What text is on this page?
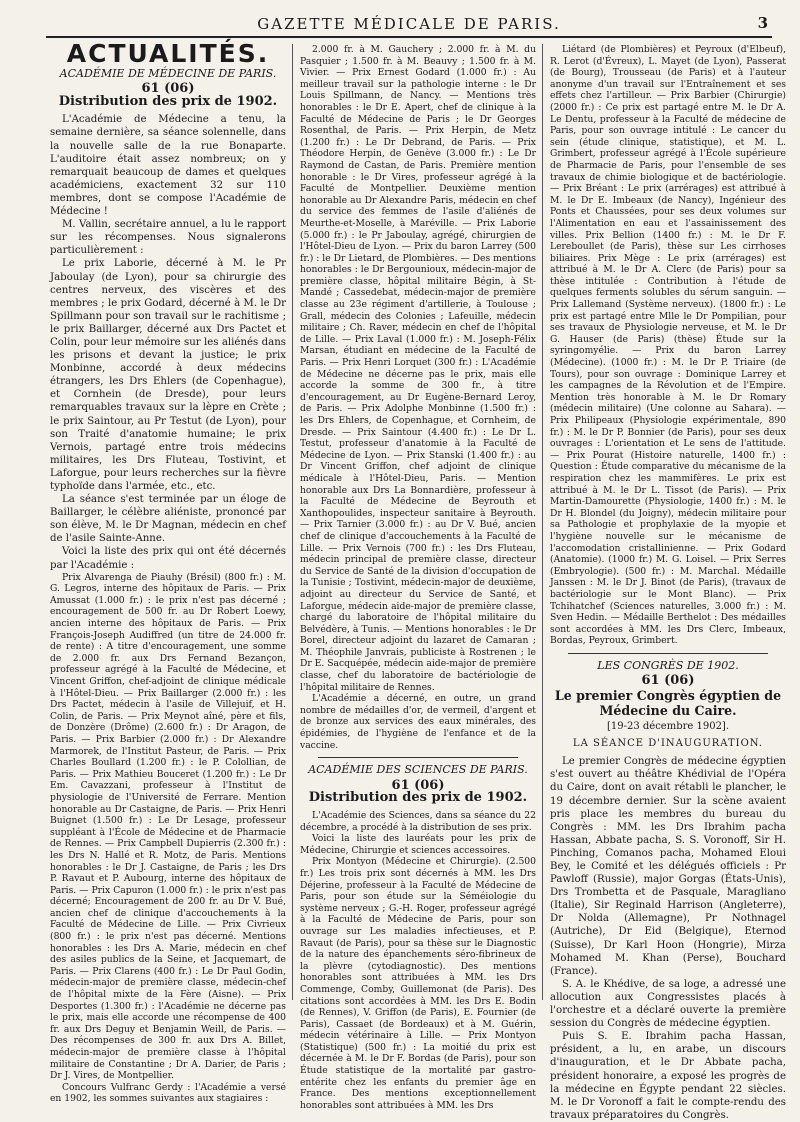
GAZETTE MÉDICALE DE PARIS.	3
ACTUALITÉS.
ACADÉMIE DE MÉDECINE DE PARIS.
61 (06)
Distribution des prix de 1902.

L'Académie de Médecine a tenu, la semaine dernière, sa séance solennelle, dans la nouvelle salle de la rue Bonaparte. L'auditoire était assez nombreux; on y remarquait beaucoup de dames et quelques académiciens, exactement 32 sur 110 membres, dont se compose l'Académie de Médecine !

M. Vallin, secrétaire annuel, a lu le rapport sur les récompenses. Nous signalerons particulièrement :

Le prix Laborie, décerné à M. le Pr Jaboulay (de Lyon), pour sa chirurgie des centres nerveux, des viscères et des membres ; le prix Godard, décerné à M. le Dr Spillmann pour son travail sur le rachitisme ; le prix Baillarger, décerné aux Drs Pactet et Colin, pour leur mémoire sur les aliénés dans les prisons et devant la justice; le prix Monbinne, accordé à deux médecins étrangers, les Drs Ehlers (de Copenhague), et Cornhein (de Dresde), pour leurs remarquables travaux sur la lèpre en Crète ; le prix Saintour, au Pr Testut (de Lyon), pour son Traité d'anatomie humaine; le prix Vernois, partagé entre trois médecins militaires, les Drs Fluteau, Tostivint, et Laforgue, pour leurs recherches sur la fièvre typhoïde dans l'armée, etc., etc.

La séance s'est terminée par un éloge de Baillarger, le célèbre aliéniste, prononcé par son élève, M. le Dr Magnan, médecin en chef de l'asile Sainte-Anne.

Voici la liste des prix qui ont été décernés par l'Académie :

Prix Alvarenga de Piauhy (Brésil) (800 fr.) : M. G. Legros, interne des hôpitaux de Paris. — Prix Amussat (1.000 fr.) : le prix n'est pas décerné ; encouragement de 500 fr. au Dr Robert Loewy, ancien interne des hôpitaux de Paris. — Prix François-Joseph Audiffred (un titre de 24.000 fr. de rente) : A titre d'encouragement, une somme de 2.000 fr. aux Drs Fernand Bezançon, professeur agrégé à la Faculté de Médecine, et Vincent Griffon, chef-adjoint de clinique médicale à l'Hôtel-Dieu. — Prix Baillarger (2.000 fr.) : les Drs Pactet, médecin à l'asile de Villejuif, et H. Colin, de Paris. — Prix Meynot aîné, père et fils, de Donzère (Drôme) (2.600 fr.) : Dr Aragon, de Paris. — Prix Barbier (2.000 fr.) : Dr Alexandre Marmorek, de l'Institut Pasteur, de Paris. — Prix Charles Boullard (1.200 fr.) : le P. Colollian, de Paris. — Prix Mathieu Bouceret (1.200 fr.) : Le Dr Em. Cavazzani, professeur à l'Institut de physiologie de l'Université de Ferrare. Mention honorable au Dr Castaigne, de Paris. — Prix Henri Buignet (1.500 fr.) : Le Dr Lesage, professeur suppléant à l'École de Médecine et de Pharmacie de Rennes. — Prix Campbell Dupierris (2.300 fr.) : les Drs N. Hallé et R. Motz, de Paris. Mentions honorables : le Dr J. Castaigne, de Paris ; les Drs P. Ravaut et P. Aubourg, interne des hôpitaux de Paris. — Prix Capuron (1.000 fr.) : le prix n'est pas décerné; Encouragement de 200 fr. au Dr V. Bué, ancien chef de clinique d'accouchements à la Faculté de Médecine de Lille. — Prix Civrieux (800 fr.) : le prix n'est pas décerné. Mentions honorables : les Drs A. Marie, médecin en chef des asiles publics de la Seine, et Jacquemart, de Paris. — Prix Clarens (400 fr.) : Le Dr Paul Godin, médecin-major de première classe, médecin-chef de l'hôpital mixte de la Fère (Aisne). — Prix Desportes (1.300 fr.) : l'Académie ne décerne pas le prix, mais elle accorde une récompense de 400 fr. aux Drs Deguy et Benjamin Weill, de Paris. — Des récompenses de 300 fr. aux Drs A. Billet, médecin-major de première classe à l'hôpital militaire de Constantine ; Dr A. Darier, de Paris ; Dr J. Vires, de Montpellier.

Concours Vulfranc Gerdy : l'Académie a versé en 1902, les sommes suivantes aux stagiaires :

2.000 fr. à M. Gauchery ; 2.000 fr. à M. du Pasquier ; 1.500 fr. à M. Beauvy ; 1.500 fr. à M. Vivier. — Prix Ernest Godard (1.000 fr.) : Au meilleur travail sur la pathologie interne : le Dr Louis Spillmann, de Nancy. — Mentions très honorables : le Dr E. Apert, chef de clinique à la Faculté de Médecine de Paris ; le Dr Georges Rosenthal, de Paris. — Prix Herpin, de Metz (1.200 fr.) : Le Dr Debrand, de Paris. — Prix Théodore Herpin, de Genève (3.000 fr.) : Le Dr Raymond de Castan, de Paris. Première mention honorable : le Dr Vires, professeur agrégé à la Faculté de Montpellier. Deuxième mention honorable au Dr Alexandre Paris, médecin en chef du service des femmes de l'asile d'aliénés de Meurthe-et-Moselle, à Maréville. — Prix Laborie (5.000 fr.) : le Pr Jaboulay, agrégé, chirurgien de l'Hôtel-Dieu de Lyon. — Prix du baron Larrey (500 fr.) : le Dr Lietard, de Plombières. — Des mentions honorables : le Dr Bergounioux, médecin-major de première classe, hôpital militaire Bégin, à St-Mandé ; Cassedebat, médecin-major de première classe au 23e régiment d'artillerie, à Toulouse ; Grall, médecin des Colonies ; Lafeuille, médecin militaire ; Ch. Raver, médecin en chef de l'hôpital de Lille. — Prix Laval (1.000 fr.) : M. Joseph-Félix Marsan, étudiant en médecine de la Faculté de Paris. — Prix Henri Lorquet (300 fr.) : L'Académie de Médecine ne décerne pas le prix, mais elle accorde la somme de 300 fr., à titre d'encouragement, au Dr Eugène-Bernard Leroy, de Paris. — Prix Adolphe Monbinne (1.500 fr.) : les Drs Ehlers, de Copenhague, et Cornheim, de Dresde. — Prix Saintour (4.400 fr.) : Le Dr L. Testut, professeur d'anatomie à la Faculté de Médecine de Lyon. — Prix Stanski (1.400 fr.) : au Dr Vincent Griffon, chef adjoint de clinique médicale à l'Hôtel-Dieu, Paris. — Mention honorable aux Drs La Bonnardière, professeur à la Faculté de Médecine de Beyrouth et Xanthopoulides, inspecteur sanitaire à Beyrouth. — Prix Tarnier (3.000 fr.) : au Dr V. Bué, ancien chef de clinique d'accouchements à la Faculté de Lille. — Prix Vernois (700 fr.) : les Drs Fluteau, médecin principal de première classe, directeur du Service de Santé de la division d'occupation de la Tunisie ; Tostivint, médecin-major de deuxième, adjoint au directeur du Service de Santé, et Laforgue, médecin aide-major de première classe, chargé du laboratoire de l'hôpital militaire du Belvédère, à Tunis. — Mentions honorables : le Dr Borel, directeur adjoint du lazaret de Camaran ; M. Théophile Janvrais, publiciste à Rostrenen ; le Dr E. Sacquépée, médecin aide-major de première classe, chef du laboratoire de bactériologie de l'hôpital militaire de Rennes.

L'Académie a décerné, en outre, un grand nombre de médailles d'or, de vermeil, d'argent et de bronze aux services des eaux minérales, des épidémies, de l'hygiène de l'enfance et de la vaccine.

ACADÉMIE DES SCIENCES DE PARIS.
61 (06)
Distribution des prix de 1902.

L'Académie des Sciences, dans sa séance du 22 décembre, a procédé à la distribution de ses prix.

Voici la liste des lauréats pour les prix de Médecine, Chirurgie et sciences accessoires.

Prix Montyon (Médecine et Chirurgie). (2.500 fr.) Les trois prix sont décernés à MM. les Drs Déjerine, professeur à la Faculté de Médecine de Paris, pour son étude sur la Séméiologie du système nerveux ; G.-H. Roger, professeur agrégé à la Faculté de Médecine de Paris, pour son ouvrage sur Les maladies infectieuses, et P. Ravaut (de Paris), pour sa thèse sur le Diagnostic de la nature des épanchements séro-fibrineux de la plèvre (cytodiagnostic). Des mentions honorables sont attribuées à MM. les Drs Commenge, Comby, Guillemonat (de Paris). Des citations sont accordées à MM. les Drs E. Bodin (de Rennes), V. Griffon (de Paris), E. Fournier (de Paris), Cassaet (de Bordeaux) et à M. Guérin, médecin vétérinaire à Lille. — Prix Montyon (Statistique) (500 fr.) : La moitié du prix est décernée à M. le Dr F. Bordas (de Paris), pour son Étude statistique de la mortalité par gastro-entérite chez les enfants du premier âge en France. Des mentions exceptionnellement honorables sont attribuées à MM. les Drs

Liétard (de Plombières) et Peyroux (d'Elbeuf), R. Lerot (d'Évreux), L. Mayet (de Lyon), Passerat (de Bourg), Trousseau (de Paris) et à l'auteur anonyme d'un travail sur l'Entraînement et ses effets chez l'artilleur. — Prix Barbier (Chirurgie) (2000 fr.) : Ce prix est partagé entre M. le Dr A. Le Dentu, professeur à la Faculté de médecine de Paris, pour son ouvrage intitulé : Le cancer du sein (étude clinique, statistique), et M. L. Grimbert, professeur agrégé à l'École supérieure de Pharmacie de Paris, pour l'ensemble de ses travaux de chimie biologique et de bactériologie. — Prix Bréant : Le prix (arrérages) est attribué à M. le Dr E. Imbeaux (de Nancy), Ingénieur des Ponts et Chaussées, pour ses deux volumes sur l'Alimentation en eau et l'assainissement des villes. Prix Bellion (1400 fr.) : M. le Dr F. Lereboullet (de Paris), thèse sur Les cirrhoses biliaires. Prix Mège : Le prix (arrérages) est attribué à M. le Dr A. Clerc (de Paris) pour sa thèse intitulée : Contribution à l'étude de quelques ferments solubles du sérum sanguin. — Prix Lallemand (Système nerveux). (1800 fr.) : Le prix est partagé entre Mlle le Dr Pompilian, pour ses travaux de Physiologie nerveuse, et M. le Dr G. Hauser (de Paris) (thèse) Étude sur la syringomyélie. — Prix du baron Larrey (Médecine). (1000 fr.) : M. le Dr P. Triaire (de Tours), pour son ouvrage : Dominique Larrey et les campagnes de la Révolution et de l'Empire. Mention très honorable à M. le Dr Romary (médecin militaire) (Une colonne au Sahara). — Prix Philipeaux (Physiologie expérimentale, 890 fr.) : M. le Dr P. Bonnier (de Paris), pour ses deux ouvrages : L'orientation et Le sens de l'attitude. — Prix Pourat (Histoire naturelle, 1400 fr.) : Question : Étude comparative du mécanisme de la respiration chez les mammifères. Le prix est attribué à M. le Dr L. Tissot (de Paris). — Prix Martin-Damourette (Physiologie, 1400 fr.) : M. le Dr H. Blondel (du Joigny), médecin militaire pour sa Pathologie et prophylaxie de la myopie et l'hygiène nouvelle sur le mécanisme de l'accomodation cristallinienne. — Prix Godard (Anatomie). (1000 fr.) M. G. Loisel. — Prix Serres (Embryologie). (500 fr.) : M. Marchal. Médaille Janssen : M. le Dr J. Binot (de Paris), (travaux de bactériologie sur le Mont Blanc). — Prix Tchihatchef (Sciences naturelles, 3.000 fr.) : M. Sven Hedin. — Médaille Berthelot : Des médailles sont accordées à MM. les Drs Clerc, Imbeaux, Bordas, Peyroux, Grimbert.

LES CONGRÈS DE 1902.
61 (06)
Le premier Congrès égyptien de Médecine du Caire.
[19-23 décembre 1902].
LA SÉANCE D'INAUGURATION.

Le premier Congrès de médecine égyptien s'est ouvert au théâtre Khédivial de l'Opéra du Caire, dont on avait rétabli le plancher, le 19 décembre dernier. Sur la scène avaient pris place les membres du bureau du Congrès : MM. les Drs Ibrahim pacha Hassan, Abbate pacha, S. S. Voronoff, Sir H. Pinching, Comanos pacha, Mohamed Eloui Bey, le Comité et les délégués officiels : Pr Pawloff (Russie), major Gorgas (États-Unis), Drs Trombetta et de Pasquale, Maragliano (Italie), Sir Reginald Harrison (Angleterre), Dr Nolda (Allemagne), Pr Nothnagel (Autriche), Dr Eid (Belgique), Eternod (Suisse), Dr Karl Hoon (Hongrie), Mirza Mohamed M. Khan (Perse), Bouchard (France).

S. A. le Khédive, de sa loge, a adressé une allocution aux Congressistes placés à l'orchestre et a déclaré ouverte la première session du Congrès de médecine égyptien.

Puis S. E. Ibrahim pacha Hassan, président, a lu, en arabe, un discours d'inauguration, et le Dr Abbate pacha, président honoraire, a exposé les progrès de la médecine en Égypte pendant 22 siècles. M. le Dr Voronoff a fait le compte-rendu des travaux préparatoires du Congrès.
